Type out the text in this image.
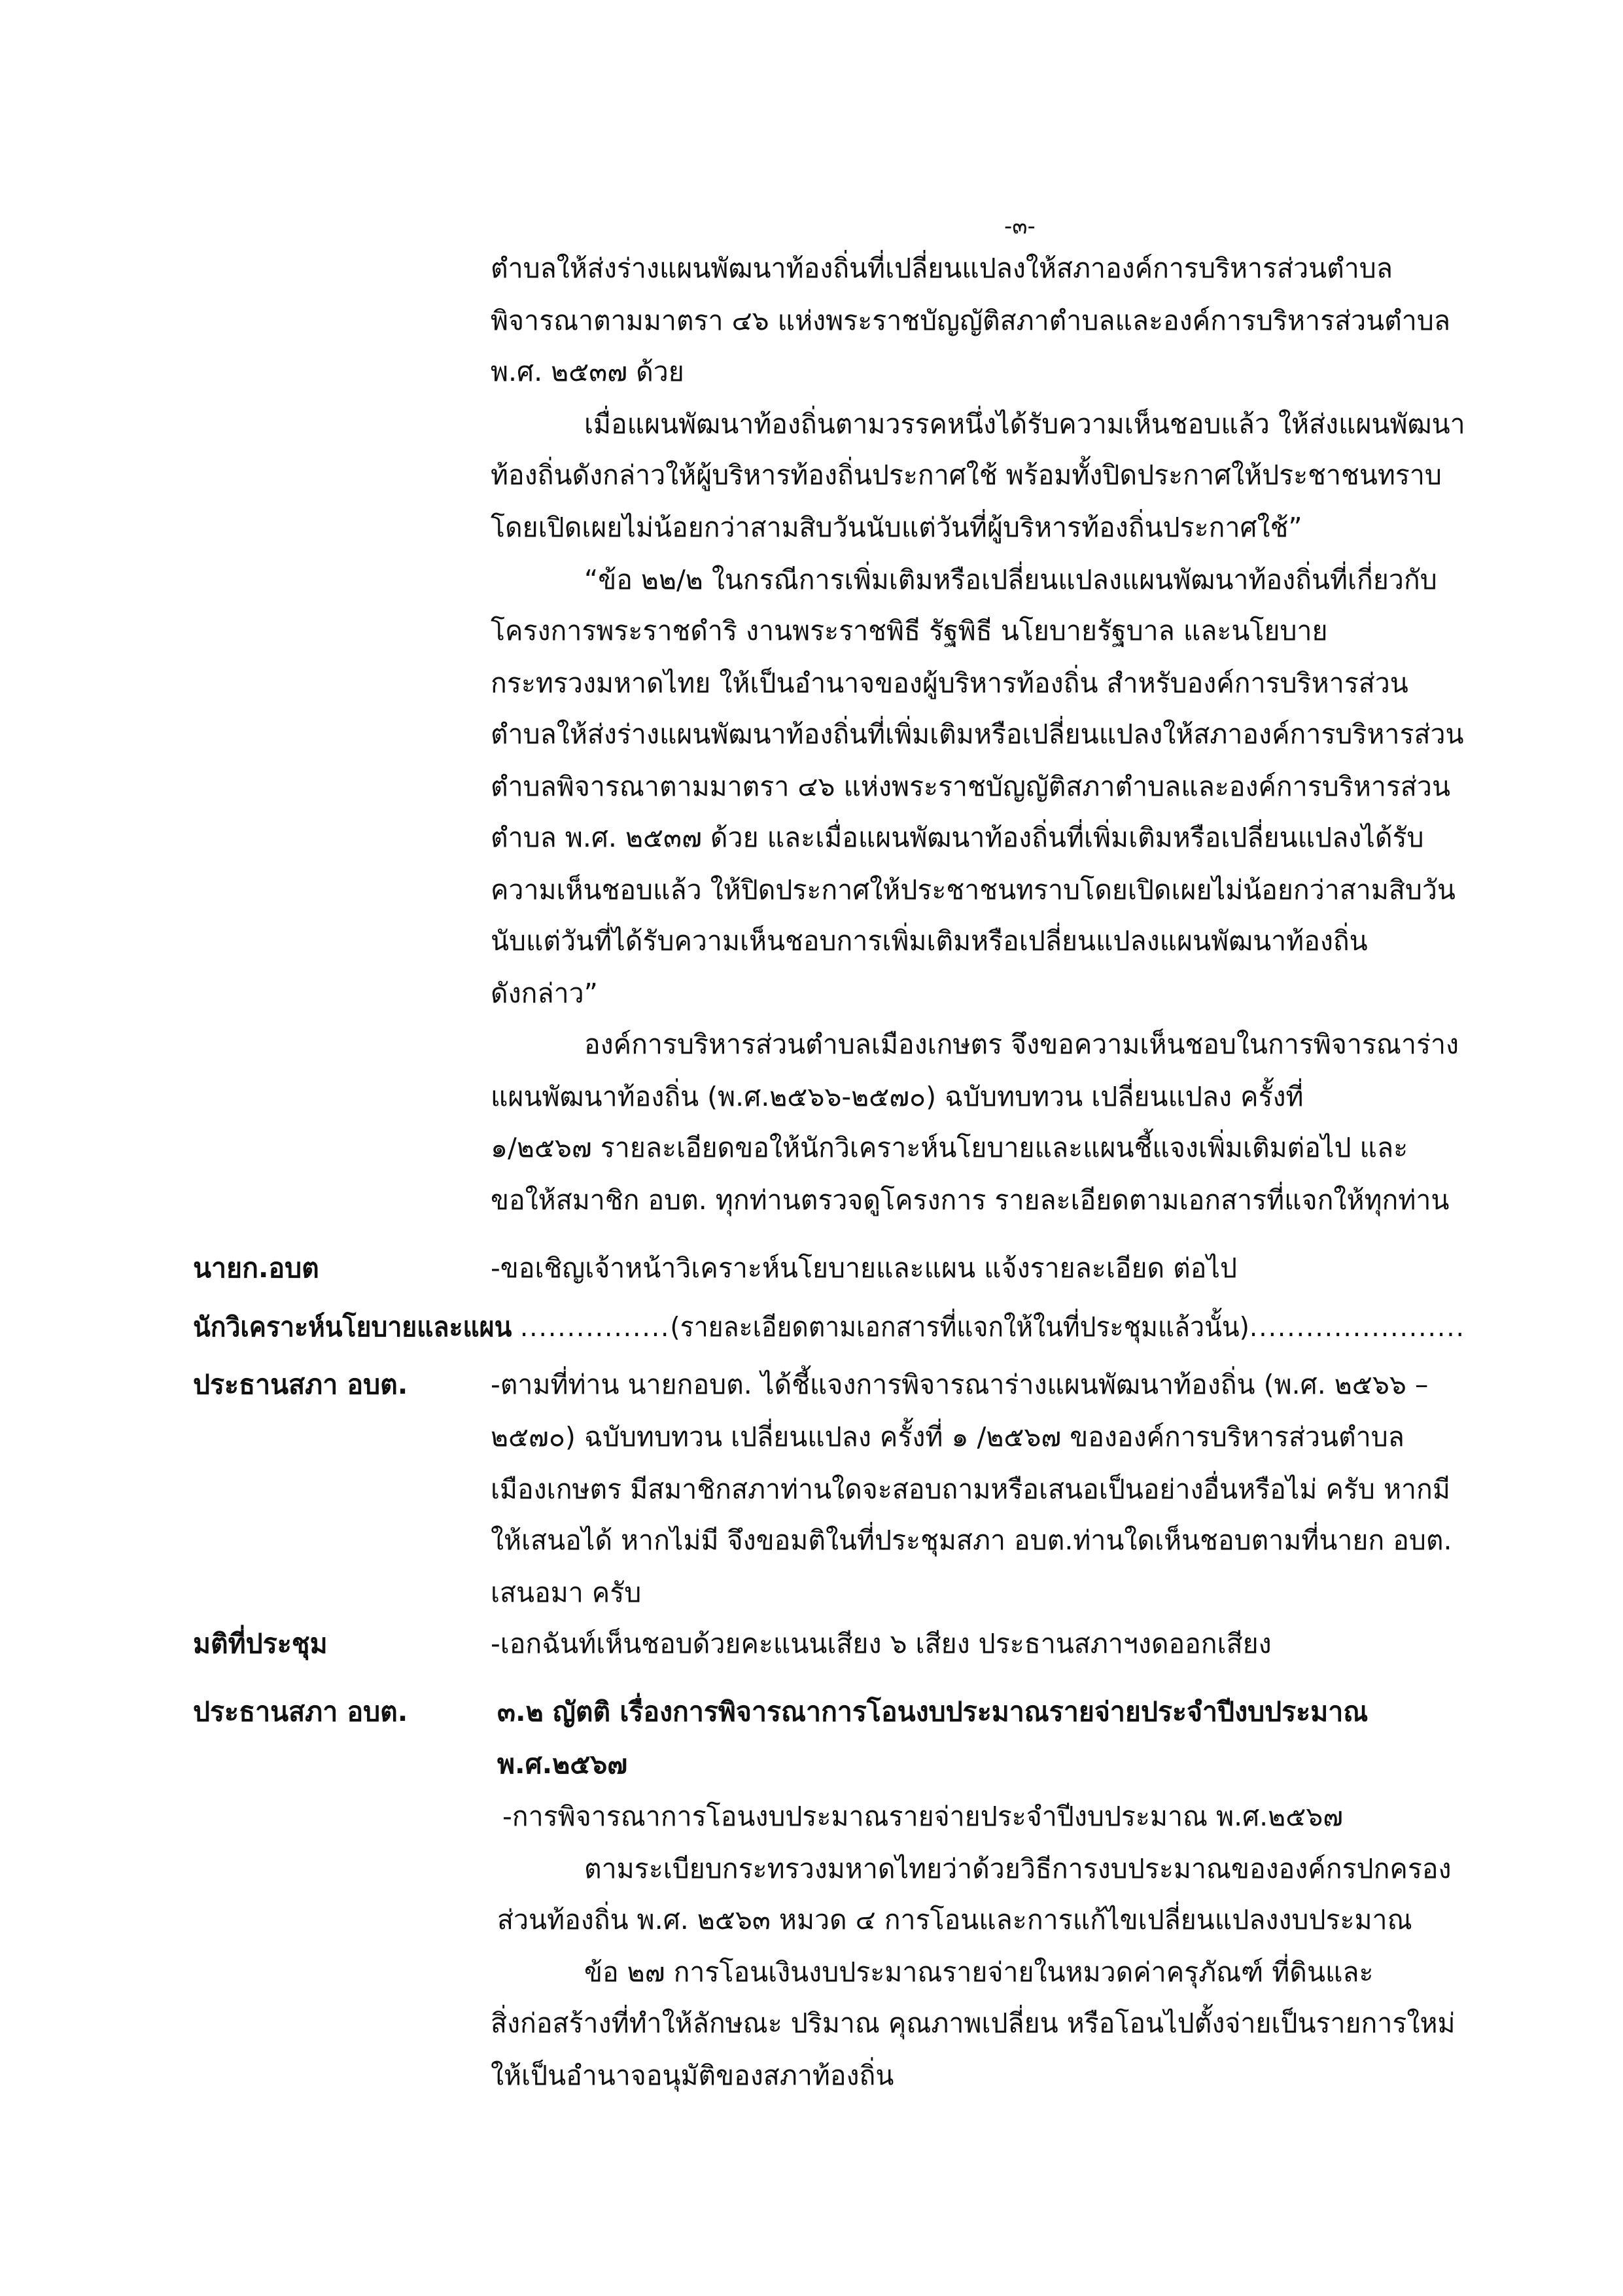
-๓-
ตำบลให้ส่งร่างแผนพัฒนาท้องถิ่นที่เปลี่ยนแปลงให้สภาองค์การบริหารส่วนตำบล
พิจารณาตามมาตรา ๔๖ แห่งพระราชบัญญัติสภาตำบลและองค์การบริหารส่วนตำบล
พ.ศ. ๒๕๓๗ ด้วย
เมื่อแผนพัฒนาท้องถิ่นตามวรรคหนึ่งได้รับความเห็นชอบแล้ว ให้ส่งแผนพัฒนา
ท้องถิ่นดังกล่าวให้ผู้บริหารท้องถิ่นประกาศใช้ พร้อมทั้งปิดประกาศให้ประชาชนทราบ
โดยเปิดเผยไม่น้อยกว่าสามสิบวันนับแต่วันที่ผู้บริหารท้องถิ่นประกาศใช้”
“ข้อ ๒๒/๒ ในกรณีการเพิ่มเติมหรือเปลี่ยนแปลงแผนพัฒนาท้องถิ่นที่เกี่ยวกับ
โครงการพระราชดำริ งานพระราชพิธี รัฐพิธี นโยบายรัฐบาล และนโยบาย
กระทรวงมหาดไทย ให้เป็นอำนาจของผู้บริหารท้องถิ่น สำหรับองค์การบริหารส่วน
ตำบลให้ส่งร่างแผนพัฒนาท้องถิ่นที่เพิ่มเติมหรือเปลี่ยนแปลงให้สภาองค์การบริหารส่วน
ตำบลพิจารณาตามมาตรา ๔๖ แห่งพระราชบัญญัติสภาตำบลและองค์การบริหารส่วน
ตำบล พ.ศ. ๒๕๓๗ ด้วย และเมื่อแผนพัฒนาท้องถิ่นที่เพิ่มเติมหรือเปลี่ยนแปลงได้รับ
ความเห็นชอบแล้ว ให้ปิดประกาศให้ประชาชนทราบโดยเปิดเผยไม่น้อยกว่าสามสิบวัน
นับแต่วันที่ได้รับความเห็นชอบการเพิ่มเติมหรือเปลี่ยนแปลงแผนพัฒนาท้องถิ่น
ดังกล่าว”
องค์การบริหารส่วนตำบลเมืองเกษตร จึงขอความเห็นชอบในการพิจารณาร่าง
แผนพัฒนาท้องถิ่น (พ.ศ.๒๕๖๖-๒๕๗๐) ฉบับทบทวน เปลี่ยนแปลง ครั้งที่
๑/๒๕๖๗ รายละเอียดขอให้นักวิเคราะห์นโยบายและแผนชี้แจงเพิ่มเติมต่อไป และ
ขอให้สมาชิก อบต. ทุกท่านตรวจดูโครงการ รายละเอียดตามเอกสารที่แจกให้ทุกท่าน
นายก.อบต	-ขอเชิญเจ้าหน้าวิเคราะห์นโยบายและแผน แจ้งรายละเอียด ต่อไป
นักวิเคราะห์นโยบายและแผน ................(รายละเอียดตามเอกสารที่แจกให้ในที่ประชุมแล้วนั้น).......................
ประธานสภา อบต.	-ตามที่ท่าน นายกอบต. ได้ชี้แจงการพิจารณาร่างแผนพัฒนาท้องถิ่น (พ.ศ. ๒๕๖๖ –
๒๕๗๐) ฉบับทบทวน เปลี่ยนแปลง ครั้งที่ ๑ /๒๕๖๗ ขององค์การบริหารส่วนตำบล
เมืองเกษตร มีสมาชิกสภาท่านใดจะสอบถามหรือเสนอเป็นอย่างอื่นหรือไม่ ครับ หากมี
ให้เสนอได้ หากไม่มี จึงขอมติในที่ประชุมสภา อบต.ท่านใดเห็นชอบตามที่นายก อบต.
เสนอมา ครับ
มติที่ประชุม	-เอกฉันท์เห็นชอบด้วยคะแนนเสียง ๖ เสียง ประธานสภาฯงดออกเสียง
ประธานสภา อบต.	๓.๒ ญัตติ เรื่องการพิจารณาการโอนงบประมาณรายจ่ายประจำปีงบประมาณ
พ.ศ.๒๕๖๗
-การพิจารณาการโอนงบประมาณรายจ่ายประจำปีงบประมาณ พ.ศ.๒๕๖๗
ตามระเบียบกระทรวงมหาดไทยว่าด้วยวิธีการงบประมาณขององค์กรปกครอง
ส่วนท้องถิ่น พ.ศ. ๒๕๖๓ หมวด ๔ การโอนและการแก้ไขเปลี่ยนแปลงงบประมาณ
ข้อ ๒๗ การโอนเงินงบประมาณรายจ่ายในหมวดค่าครุภัณฑ์ ที่ดินและ
สิ่งก่อสร้างที่ทำให้ลักษณะ ปริมาณ คุณภาพเปลี่ยน หรือโอนไปตั้งจ่ายเป็นรายการใหม่
ให้เป็นอำนาจอนุมัติของสภาท้องถิ่น
